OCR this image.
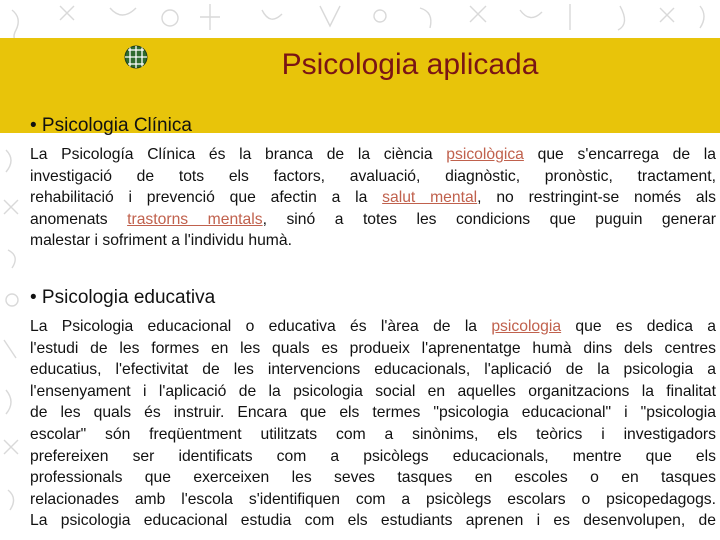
Psicologia aplicada
• Psicologia Clínica
La Psicología Clínica és la branca de la ciència psicològica que s'encarrega de la
investigació de tots els factors, avaluació, diagnòstic, pronòstic, tractament,
rehabilitació i prevenció que afectin a la salut mental, no restringint-se només als
anomenats trastorns mentals, sinó a totes les condicions que puguin generar
malestar i sofriment a l'individu humà.
• Psicologia educativa
La Psicologia educacional o educativa és l'àrea de la psicologia que es dedica a
l'estudi de les formes en les quals es produeix l'aprenentatge humà dins dels centres
educatius, l'efectivitat de les intervencions educacionals, l'aplicació de la psicologia a
l'ensenyament i l'aplicació de la psicologia social en aquelles organitzacions la finalitat
de les quals és instruir. Encara que els termes "psicologia educacional" i "psicologia
escolar" són freqüentment utilitzats com a sinònims, els teòrics i investigadors
prefereixen ser identificats com a psicòlegs educacionals, mentre que els
professionals que exerceixen les seves tasques en escoles o en tasques
relacionades amb l'escola s'identifiquen com a psicòlegs escolars o psicopedagogs.
La psicologia educacional estudia com els estudiants aprenen i es desenvolupen, de
